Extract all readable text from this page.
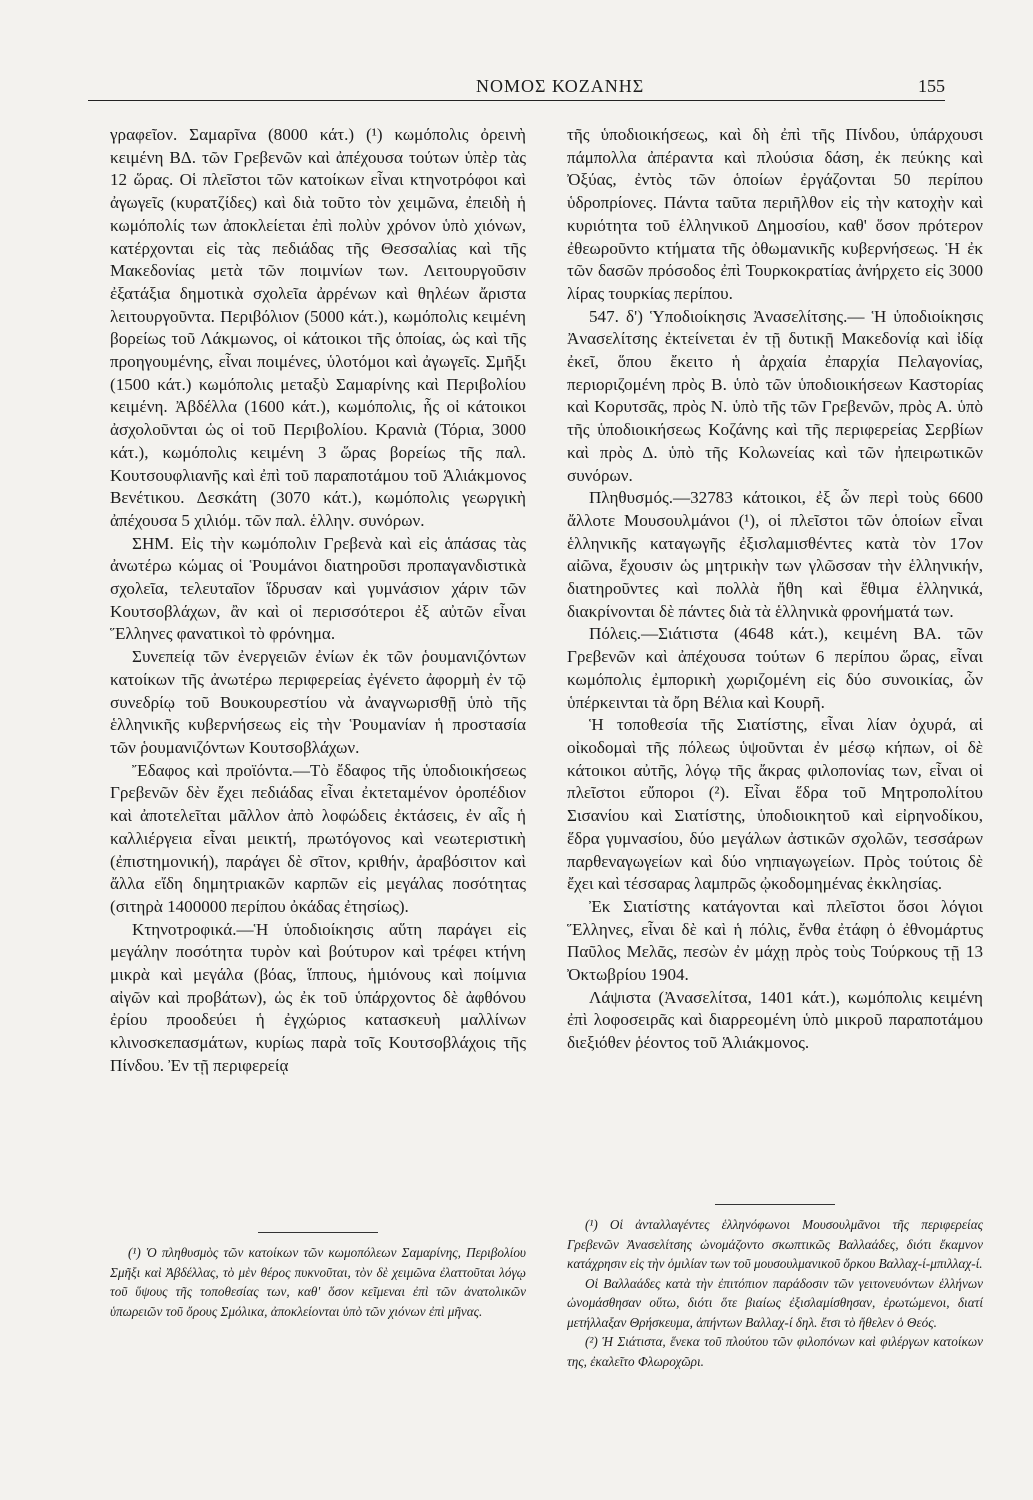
ΝΟΜΟΣ ΚΟΖΑΝΗΣ	155

γραφεῖον. Σαμαρῖνα (8000 κάτ.) (¹) κωμόπολις ὀρεινὴ κειμένη ΒΔ. τῶν Γρεβενῶν καὶ ἀπέχουσα τούτων ὑπὲρ τὰς 12 ὥρας. Οἱ πλεῖστοι τῶν κατοίκων εἶναι κτηνοτρόφοι καὶ ἀγωγεῖς (κυρατζίδες) καὶ διὰ τοῦτο τὸν χειμῶνα, ἐπειδὴ ἡ κωμόπολίς των ἀποκλείεται ἐπὶ πολὺν χρόνον ὑπὸ χιόνων, κατέρχονται εἰς τὰς πεδιάδας τῆς Θεσσαλίας καὶ τῆς Μακεδονίας μετὰ τῶν ποιμνίων των. Λειτουργοῦσιν ἐξατάξια δημοτικὰ σχολεῖα ἀρρένων καὶ θηλέων ἄριστα λειτουργοῦντα. Περιβόλιον (5000 κάτ.), κωμόπολις κειμένη βορείως τοῦ Λάκμωνος, οἱ κάτοικοι τῆς ὁποίας, ὡς καὶ τῆς προηγουμένης, εἶναι ποιμένες, ὑλοτόμοι καὶ ἀγωγεῖς. Σμῆξι (1500 κάτ.) κωμόπολις μεταξὺ Σαμαρίνης καὶ Περιβολίου κειμένη. Ἀβδέλλα (1600 κάτ.), κωμόπολις, ἧς οἱ κάτοικοι ἀσχολοῦνται ὡς οἱ τοῦ Περιβολίου. Κρανιὰ (Τόρια, 3000 κάτ.), κωμόπολις κειμένη 3 ὥρας βορείως τῆς παλ. Κουτσουφλιανῆς καὶ ἐπὶ τοῦ παραποτάμου τοῦ Ἁλιάκμονος Βενέτικου. Δεσκάτη (3070 κάτ.), κωμόπολις γεωργικὴ ἀπέχουσα 5 χιλιόμ. τῶν παλ. ἑλλην. συνόρων.

ΣΗΜ. Εἰς τὴν κωμόπολιν Γρεβενὰ καὶ εἰς ἁπάσας τὰς ἀνωτέρω κώμας οἱ Ῥουμάνοι διατηροῦσι προπαγανδιστικὰ σχολεῖα, τελευταῖον ἵδρυσαν καὶ γυμνάσιον χάριν τῶν Κουτσοβλάχων, ἂν καὶ οἱ περισσότεροι ἐξ αὐτῶν εἶναι Ἕλληνες φανατικοὶ τὸ φρόνημα.

Συνεπείᾳ τῶν ἐνεργειῶν ἐνίων ἐκ τῶν ῥουμανιζόντων κατοίκων τῆς ἀνωτέρω περιφερείας ἐγένετο ἀφορμὴ ἐν τῷ συνεδρίῳ τοῦ Βουκουρεστίου νὰ ἀναγνωρισθῇ ὑπὸ τῆς ἑλληνικῆς κυβερνήσεως εἰς τὴν Ῥουμανίαν ἡ προστασία τῶν ῥουμανιζόντων Κουτσοβλάχων.

Ἔδαφος καὶ προϊόντα.—Τὸ ἔδαφος τῆς ὑποδιοικήσεως Γρεβενῶν δὲν ἔχει πεδιάδας εἶναι ἐκτεταμένον ὀροπέδιον καὶ ἀποτελεῖται μᾶλλον ἀπὸ λοφώδεις ἐκτάσεις, ἐν αἷς ἡ καλλιέργεια εἶναι μεικτή, πρωτόγονος καὶ νεωτεριστικὴ (ἐπιστημονική), παράγει δὲ σῖτον, κριθήν, ἀραβόσιτον καὶ ἄλλα εἴδη δημητριακῶν καρπῶν εἰς μεγάλας ποσότητας (σιτηρὰ 1400000 περίπου ὀκάδας ἐτησίως).

Κτηνοτροφικά.—Ἡ ὑποδιοίκησις αὕτη παράγει εἰς μεγάλην ποσότητα τυρὸν καὶ βούτυρον καὶ τρέφει κτήνη μικρὰ καὶ μεγάλα (βόας, ἵππους, ἡμιόνους καὶ ποίμνια αἰγῶν καὶ προβάτων), ὡς ἐκ τοῦ ὑπάρχοντος δὲ ἀφθόνου ἐρίου προοδεύει ἡ ἐγχώριος κατασκευὴ μαλλίνων κλινοσκεπασμάτων, κυρίως παρὰ τοῖς Κουτσοβλάχοις τῆς Πίνδου. Ἐν τῇ περιφερείᾳ

τῆς ὑποδιοικήσεως, καὶ δὴ ἐπὶ τῆς Πίνδου, ὑπάρχουσι πάμπολλα ἀπέραντα καὶ πλούσια δάση, ἐκ πεύκης καὶ Ὀξύας, ἐντὸς τῶν ὁποίων ἐργάζονται 50 περίπου ὑδροπρίονες. Πάντα ταῦτα περιῆλθον εἰς τὴν κατοχὴν καὶ κυριότητα τοῦ ἑλληνικοῦ Δημοσίου, καθ' ὅσον πρότερον ἐθεωροῦντο κτήματα τῆς ὀθωμανικῆς κυβερνήσεως. Ἡ ἐκ τῶν δασῶν πρόσοδος ἐπὶ Τουρκοκρατίας ἀνήρχετο εἰς 3000 λίρας τουρκίας περίπου.

547. δ') Ὑποδιοίκησις Ἀνασελίτσης.— Ἡ ὑποδιοίκησις Ἀνασελίτσης ἐκτείνεται ἐν τῇ δυτικῇ Μακεδονίᾳ καὶ ἰδίᾳ ἐκεῖ, ὅπου ἔκειτο ἡ ἀρχαία ἐπαρχία Πελαγονίας, περιοριζομένη πρὸς Β. ὑπὸ τῶν ὑποδιοικήσεων Καστορίας καὶ Κορυτσᾶς, πρὸς Ν. ὑπὸ τῆς τῶν Γρεβενῶν, πρὸς Α. ὑπὸ τῆς ὑποδιοικήσεως Κοζάνης καὶ τῆς περιφερείας Σερβίων καὶ πρὸς Δ. ὑπὸ τῆς Κολωνείας καὶ τῶν ἠπειρωτικῶν συνόρων.

Πληθυσμός.—32783 κάτοικοι, ἐξ ὧν περὶ τοὺς 6600 ἄλλοτε Μουσουλμάνοι (¹), οἱ πλεῖστοι τῶν ὁποίων εἶναι ἑλληνικῆς καταγωγῆς ἐξισλαμισθέντες κατὰ τὸν 17ον αἰῶνα, ἔχουσιν ὡς μητρικὴν των γλῶσσαν τὴν ἑλληνικήν, διατηροῦντες καὶ πολλὰ ἤθη καὶ ἔθιμα ἑλληνικά, διακρίνονται δὲ πάντες διὰ τὰ ἑλληνικὰ φρονήματά των.

Πόλεις.—Σιάτιστα (4648 κάτ.), κειμένη ΒΑ. τῶν Γρεβενῶν καὶ ἀπέχουσα τούτων 6 περίπου ὥρας, εἶναι κωμόπολις ἐμπορικὴ χωριζομένη εἰς δύο συνοικίας, ὧν ὑπέρκεινται τὰ ὄρη Βέλια καὶ Κουρῆ.

Ἡ τοποθεσία τῆς Σιατίστης, εἶναι λίαν ὀχυρά, αἱ οἰκοδομαὶ τῆς πόλεως ὑψοῦνται ἐν μέσῳ κήπων, οἱ δὲ κάτοικοι αὐτῆς, λόγῳ τῆς ἄκρας φιλοπονίας των, εἶναι οἱ πλεῖστοι εὔποροι (²). Εἶναι ἕδρα τοῦ Μητροπολίτου Σισανίου καὶ Σιατίστης, ὑποδιοικητοῦ καὶ εἰρηνοδίκου, ἕδρα γυμνασίου, δύο μεγάλων ἀστικῶν σχολῶν, τεσσάρων παρθεναγωγείων καὶ δύο νηπιαγωγείων. Πρὸς τούτοις δὲ ἔχει καὶ τέσσαρας λαμπρῶς ᾠκοδομημένας ἐκκλησίας.

Ἐκ Σιατίστης κατάγονται καὶ πλεῖστοι ὅσοι λόγιοι Ἕλληνες, εἶναι δὲ καὶ ἡ πόλις, ἔνθα ἐτάφη ὁ ἐθνομάρτυς Παῦλος Μελᾶς, πεσὼν ἐν μάχῃ πρὸς τοὺς Τούρκους τῇ 13 Ὀκτωβρίου 1904.

Λάψιστα (Ἀνασελίτσα, 1401 κάτ.), κωμόπολις κειμένη ἐπὶ λοφοσειρᾶς καὶ διαρρεομένη ὑπὸ μικροῦ παραποτάμου διεξιόθεν ῥέοντος τοῦ Ἁλιάκμονος.

(¹) Ὁ πληθυσμὸς τῶν κατοίκων τῶν κωμοπόλεων Σαμαρίνης, Περιβολίου Σμῆξι καὶ Ἀβδέλλας, τὸ μὲν θέρος πυκνοῦται, τὸν δὲ χειμῶνα ἐλαττοῦται λόγῳ τοῦ ὕψους τῆς τοποθεσίας των, καθ' ὅσον κεῖμεναι ἐπὶ τῶν ἀνατολικῶν ὑπωρειῶν τοῦ ὄρους Σμόλικα, ἀποκλείονται ὑπὸ τῶν χιόνων ἐπὶ μῆνας.

(¹) Οἱ ἀνταλλαγέντες ἑλληνόφωνοι Μουσουλμᾶνοι τῆς περιφερείας Γρεβενῶν Ἀνασελίτσης ὠνομάζοντο σκωπτικῶς Βαλλαάδες, διότι ἔκαμνον κατάχρησιν εἰς τὴν ὁμιλίαν των τοῦ μουσουλμανικοῦ ὅρκου Βαλλαχ-ί-μπιλλαχ-ί.

Οἱ Βαλλαάδες κατὰ τὴν ἐπιτόπιον παράδοσιν τῶν γειτονευόντων ἑλλήνων ὠνομάσθησαν οὕτω, διότι ὅτε βιαίως ἐξισλαμίσθησαν, ἐρωτώμενοι, διατί μετήλλαξαν Θρήσκευμα, ἀπήντων Βαλλαχ-ί δηλ. ἔτσι τὸ ἤθελεν ὁ Θεός.

(²) Ἡ Σιάτιστα, ἕνεκα τοῦ πλούτου τῶν φιλοπόνων καὶ φιλέργων κατοίκων της, ἐκαλεῖτο Φλωροχῶρι.
